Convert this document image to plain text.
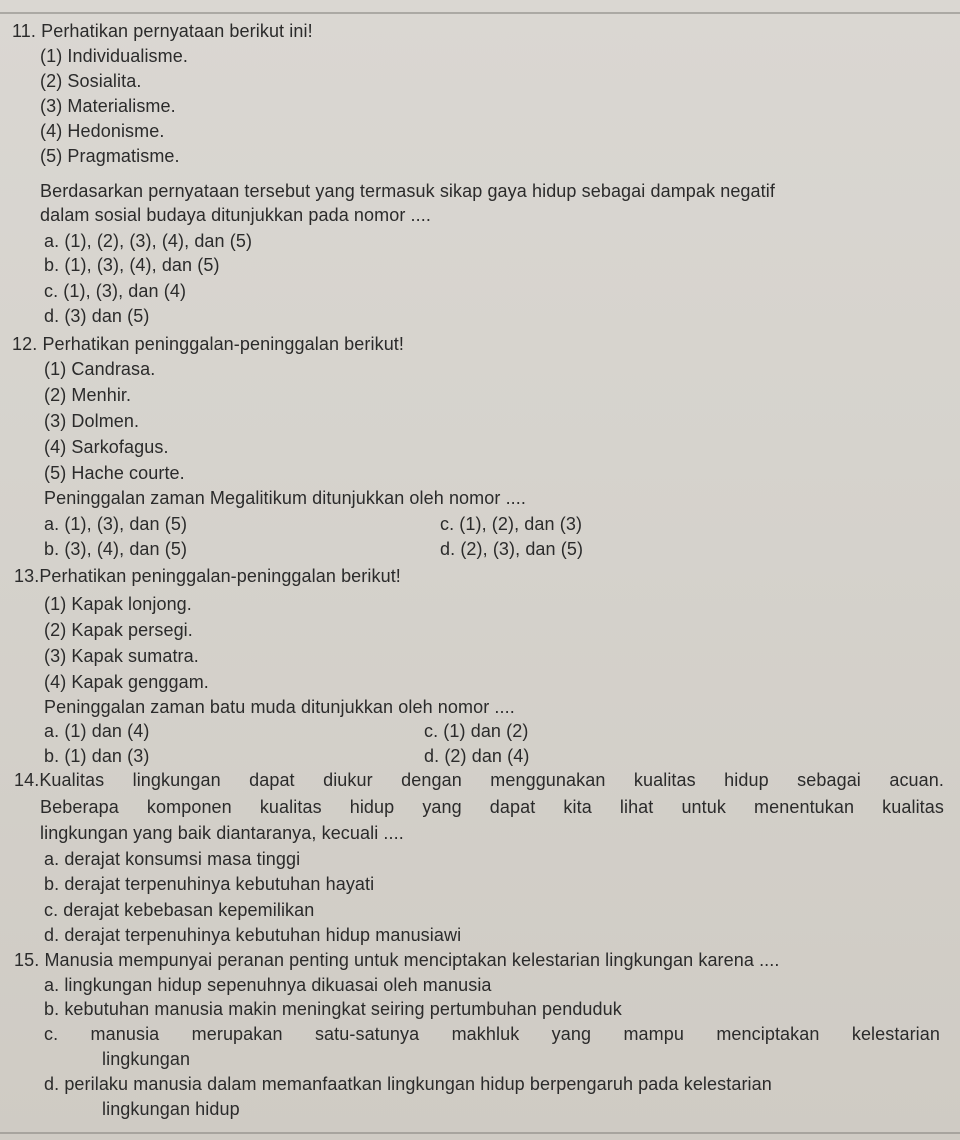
11. Perhatikan pernyataan berikut ini!
(1) Individualisme.
(2) Sosialita.
(3) Materialisme.
(4) Hedonisme.
(5) Pragmatisme.
Berdasarkan pernyataan tersebut yang termasuk sikap gaya hidup sebagai dampak negatif
dalam sosial budaya ditunjukkan pada nomor ....
a. (1), (2), (3), (4), dan (5)
b. (1), (3), (4), dan (5)
c. (1), (3), dan (4)
d. (3) dan (5)
12. Perhatikan peninggalan-peninggalan berikut!
(1) Candrasa.
(2) Menhir.
(3) Dolmen.
(4) Sarkofagus.
(5) Hache courte.
Peninggalan zaman Megalitikum ditunjukkan oleh nomor ....
a. (1), (3), dan (5)	c. (1), (2), dan (3)
b. (3), (4), dan (5)	d. (2), (3), dan (5)
13.Perhatikan peninggalan-peninggalan berikut!
(1) Kapak lonjong.
(2) Kapak persegi.
(3) Kapak sumatra.
(4) Kapak genggam.
Peninggalan zaman batu muda ditunjukkan oleh nomor ....
a. (1) dan (4)	c. (1) dan (2)
b. (1) dan (3)	d. (2) dan (4)
14.Kualitas lingkungan dapat diukur dengan menggunakan kualitas hidup sebagai acuan.
Beberapa komponen kualitas hidup yang dapat kita lihat untuk menentukan kualitas
lingkungan yang baik diantaranya, kecuali ....
a. derajat konsumsi masa tinggi
b. derajat terpenuhinya kebutuhan hayati
c. derajat kebebasan kepemilikan
d. derajat terpenuhinya kebutuhan hidup manusiawi
15. Manusia mempunyai peranan penting untuk menciptakan kelestarian lingkungan karena ....
a. lingkungan hidup sepenuhnya dikuasai oleh manusia
b. kebutuhan manusia makin meningkat seiring pertumbuhan penduduk
c. manusia merupakan satu-satunya makhluk yang mampu menciptakan kelestarian
lingkungan
d. perilaku manusia dalam memanfaatkan lingkungan hidup berpengaruh pada kelestarian
lingkungan hidup
